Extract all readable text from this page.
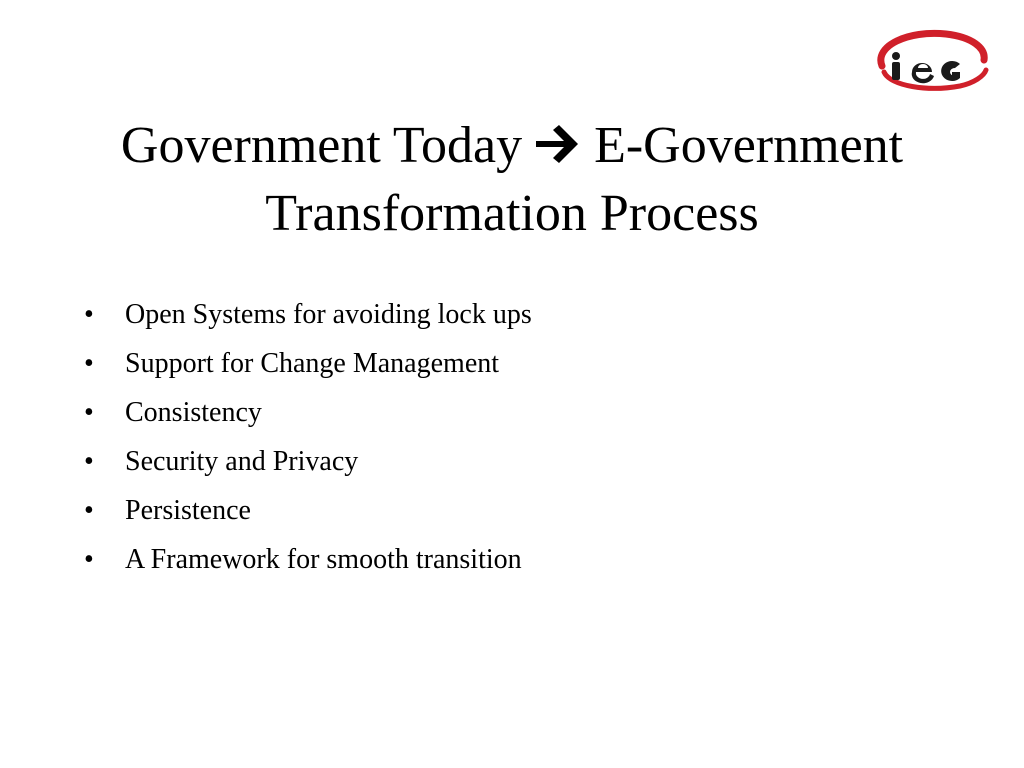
Government Today E-Government
Transformation Process
•	Open Systems for avoiding lock ups
•	Support for Change Management
•	Consistency
•	Security and Privacy
•	Persistence
•	A Framework for smooth transition
